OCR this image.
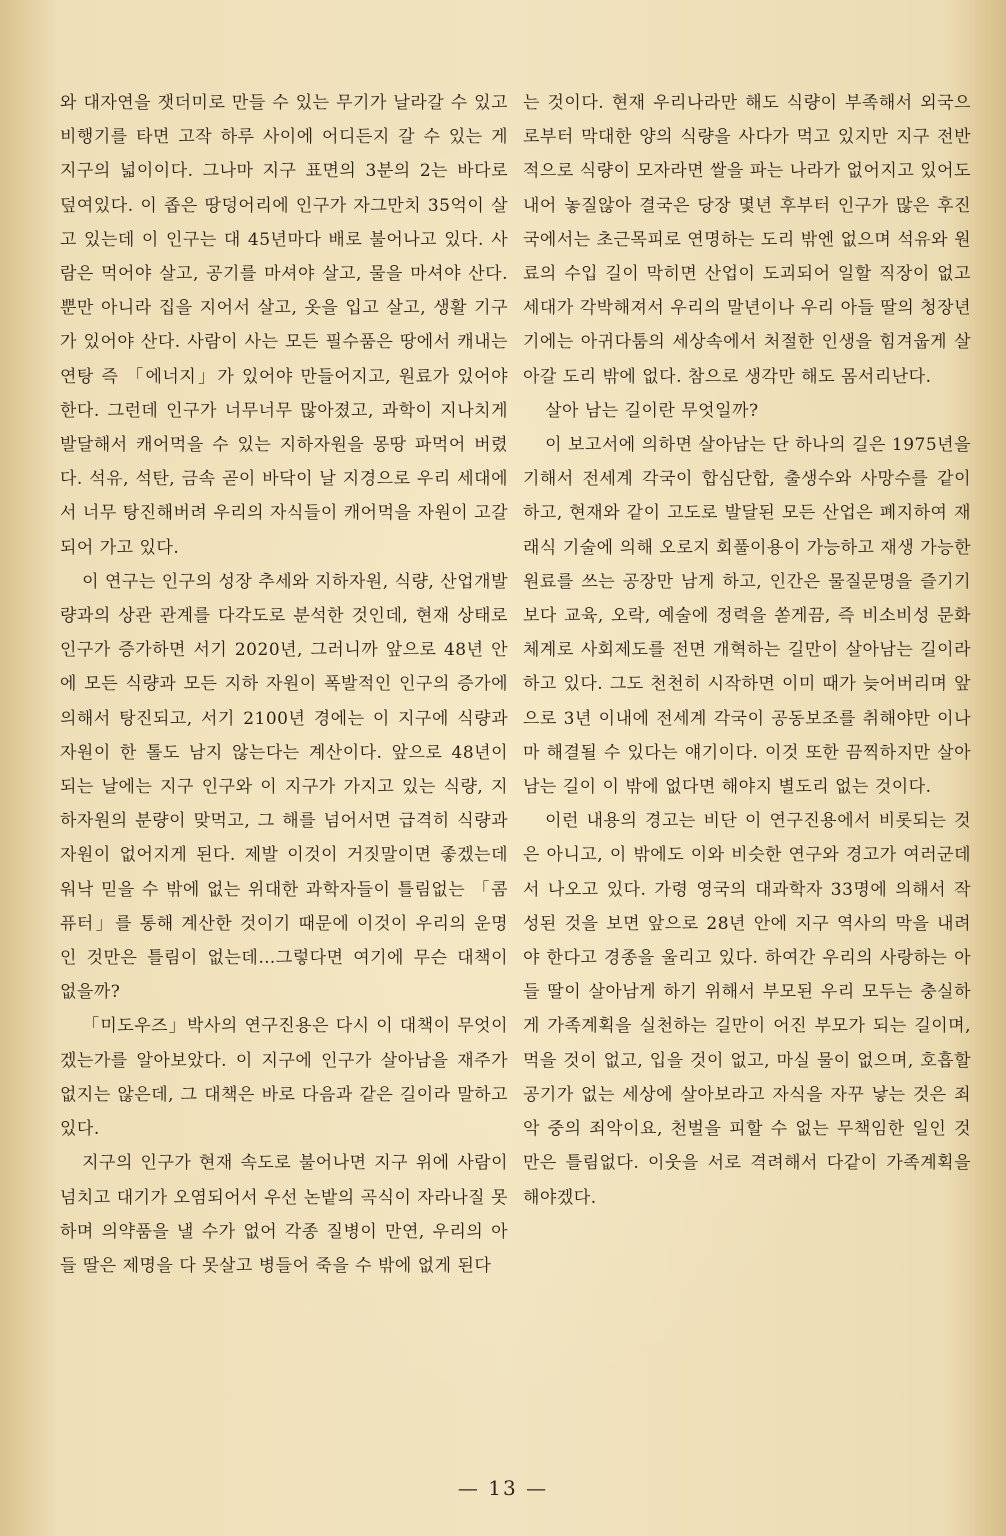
와 대자연을 잿더미로 만들 수 있는 무기가 날라갈 수 있고 비행기를 타면 고작 하루 사이에 어디든지 갈 수 있는 게 지구의 넓이이다. 그나마 지구 표면의 3분의 2는 바다로 덮여있다. 이 좁은 땅덩어리에 인구가 자그만치 35억이 살고 있는데 이 인구는 대 45년마다 배로 불어나고 있다. 사람은 먹어야 살고, 공기를 마셔야 살고, 물을 마셔야 산다. 뿐만 아니라 집을 지어서 살고, 옷을 입고 살고, 생활 기구가 있어야 산다. 사람이 사는 모든 필수품은 땅에서 캐내는 연탕 즉 「에너지」가 있어야 만들어지고, 원료가 있어야 한다. 그런데 인구가 너무너무 많아졌고, 과학이 지나치게 발달해서 캐어먹을 수 있는 지하자원을 몽땅 파먹어 버렸다. 석유, 석탄, 금속 곧이 바닥이 날 지경으로 우리 세대에서 너무 탕진해버려 우리의 자식들이 캐어먹을 자원이 고갈되어 가고 있다.

이 연구는 인구의 성장 추세와 지하자원, 식량, 산업개발량과의 상관 관계를 다각도로 분석한 것인데, 현재 상태로 인구가 증가하면 서기 2020년, 그러니까 앞으로 48년 안에 모든 식량과 모든 지하 자원이 폭발적인 인구의 증가에 의해서 탕진되고, 서기 2100년 경에는 이 지구에 식량과 자원이 한 톨도 남지 않는다는 계산이다. 앞으로 48년이 되는 날에는 지구 인구와 이 지구가 가지고 있는 식량, 지하자원의 분량이 맞먹고, 그 해를 넘어서면 급격히 식량과 자원이 없어지게 된다. 제발 이것이 거짓말이면 좋겠는데 워낙 믿을 수 밖에 없는 위대한 과학자들이 틀림없는 「콤퓨터」를 통해 계산한 것이기 때문에 이것이 우리의 운명인 것만은 틀림이 없는데…그렇다면 여기에 무슨 대책이 없을까?

「미도우즈」박사의 연구진용은 다시 이 대책이 무엇이겠는가를 알아보았다. 이 지구에 인구가 살아남을 재주가 없지는 않은데, 그 대책은 바로 다음과 같은 길이라 말하고 있다.

지구의 인구가 현재 속도로 불어나면 지구 위에 사람이 넘치고 대기가 오염되어서 우선 논밭의 곡식이 자라나질 못하며 의약품을 낼 수가 없어 각종 질병이 만연, 우리의 아들 딸은 제명을 다 못살고 병들어 죽을 수 밖에 없게 된다

는 것이다. 현재 우리나라만 해도 식량이 부족해서 외국으로부터 막대한 양의 식량을 사다가 먹고 있지만 지구 전반적으로 식량이 모자라면 쌀을 파는 나라가 없어지고 있어도 내어 놓질않아 결국은 당장 몇년 후부터 인구가 많은 후진국에서는 초근목피로 연명하는 도리 밖엔 없으며 석유와 원료의 수입 길이 막히면 산업이 도괴되어 일할 직장이 없고 세대가 각박해져서 우리의 말년이나 우리 아들 딸의 청장년기에는 아귀다툼의 세상속에서 처절한 인생을 힘겨웁게 살아갈 도리 밖에 없다. 참으로 생각만 해도 몸서리난다.

살아 남는 길이란 무엇일까?

이 보고서에 의하면 살아남는 단 하나의 길은 1975년을 기해서 전세계 각국이 합심단합, 출생수와 사망수를 같이 하고, 현재와 같이 고도로 발달된 모든 산업은 폐지하여 재래식 기술에 의해 오로지 회풀이용이 가능하고 재생 가능한 원료를 쓰는 공장만 남게 하고, 인간은 물질문명을 즐기기보다 교육, 오락, 예술에 정력을 쏟게끔, 즉 비소비성 문화체계로 사회제도를 전면 개혁하는 길만이 살아남는 길이라 하고 있다. 그도 천천히 시작하면 이미 때가 늦어버리며 앞으로 3년 이내에 전세계 각국이 공동보조를 취해야만 이나마 해결될 수 있다는 얘기이다. 이것 또한 끔찍하지만 살아남는 길이 이 밖에 없다면 해야지 별도리 없는 것이다.

이런 내용의 경고는 비단 이 연구진용에서 비롯되는 것은 아니고, 이 밖에도 이와 비슷한 연구와 경고가 여러군데서 나오고 있다. 가령 영국의 대과학자 33명에 의해서 작성된 것을 보면 앞으로 28년 안에 지구 역사의 막을 내려야 한다고 경종을 울리고 있다. 하여간 우리의 사랑하는 아들 딸이 살아남게 하기 위해서 부모된 우리 모두는 충실하게 가족계획을 실천하는 길만이 어진 부모가 되는 길이며, 먹을 것이 없고, 입을 것이 없고, 마실 물이 없으며, 호흡할 공기가 없는 세상에 살아보라고 자식을 자꾸 낳는 것은 죄악 중의 죄악이요, 천벌을 피할 수 없는 무책임한 일인 것만은 틀림없다. 이웃을 서로 격려해서 다같이 가족계획을 해야겠다.

— 13 —
